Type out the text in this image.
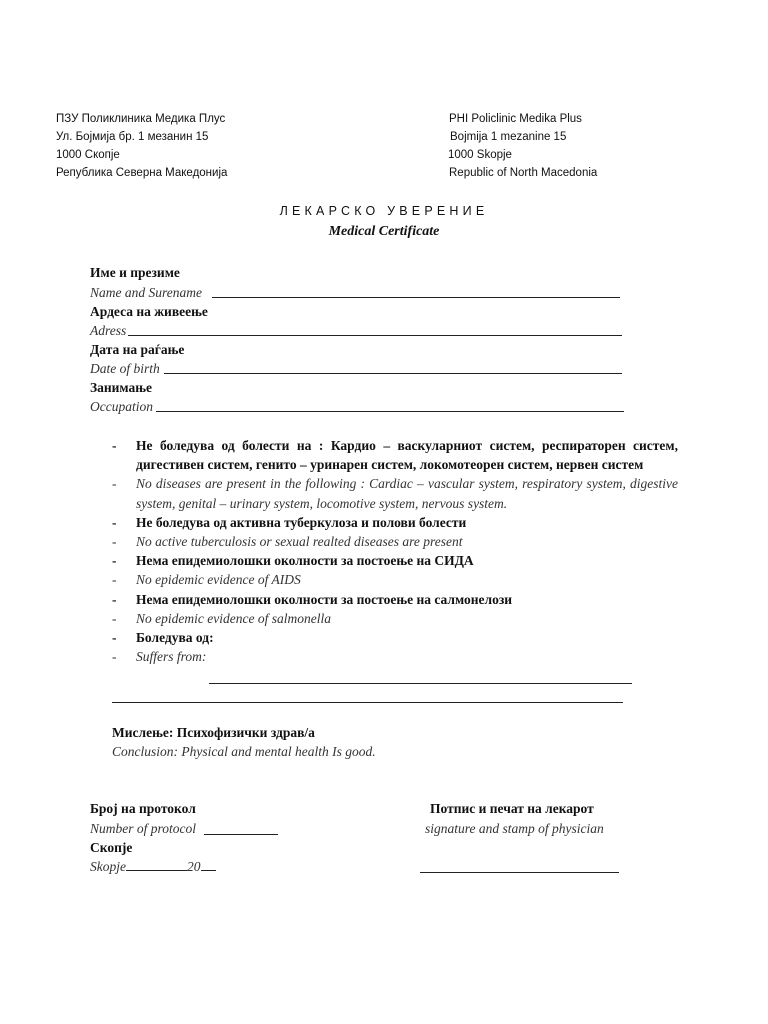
ПЗУ Поликлиника Медика Плус
Ул. Бојмија бр. 1 мезанин 15
1000 Скопје
Република Северна Македонија
PHI Policlinic Medika Plus
Bojmija 1 mezanine 15
1000 Skopje
Republic of North Macedonia
ЛЕКАРСКО УВЕРЕНИЕ
Medical Certificate
Име и презиме
Name and Surename
Ардеса на живеење
Adress
Дата на раѓање
Date of birth
Занимање
Occupation
- Не боледува од болести на : Кардио – васкуларниот систем, респираторен систем, дигестивен систем, генито – уринарен систем, локомотеорен систем, нервен систем
- No diseases are present in the following : Cardiac – vascular system, respiratory system, digestive system, genital – urinary system, locomotive system, nervous system.
- Не боледува од активна туберкулоза и полови болести
- No active tuberculosis or sexual realted diseases are present
- Нема епидемиолошки околности за постоење на СИДА
- No epidemic evidence of AIDS
- Нема епидемиолошки околности за постоење на салмонелози
- No epidemic evidence of salmonella
- Боледува од:
- Suffers from:
Мислење: Психофизички здрав/а
Conclusion: Physical and mental health Is good.
Број на протокол
Number of protocol
Скопје
Skopje	20
Потпис и печат на лекарот
signature and stamp of physician
